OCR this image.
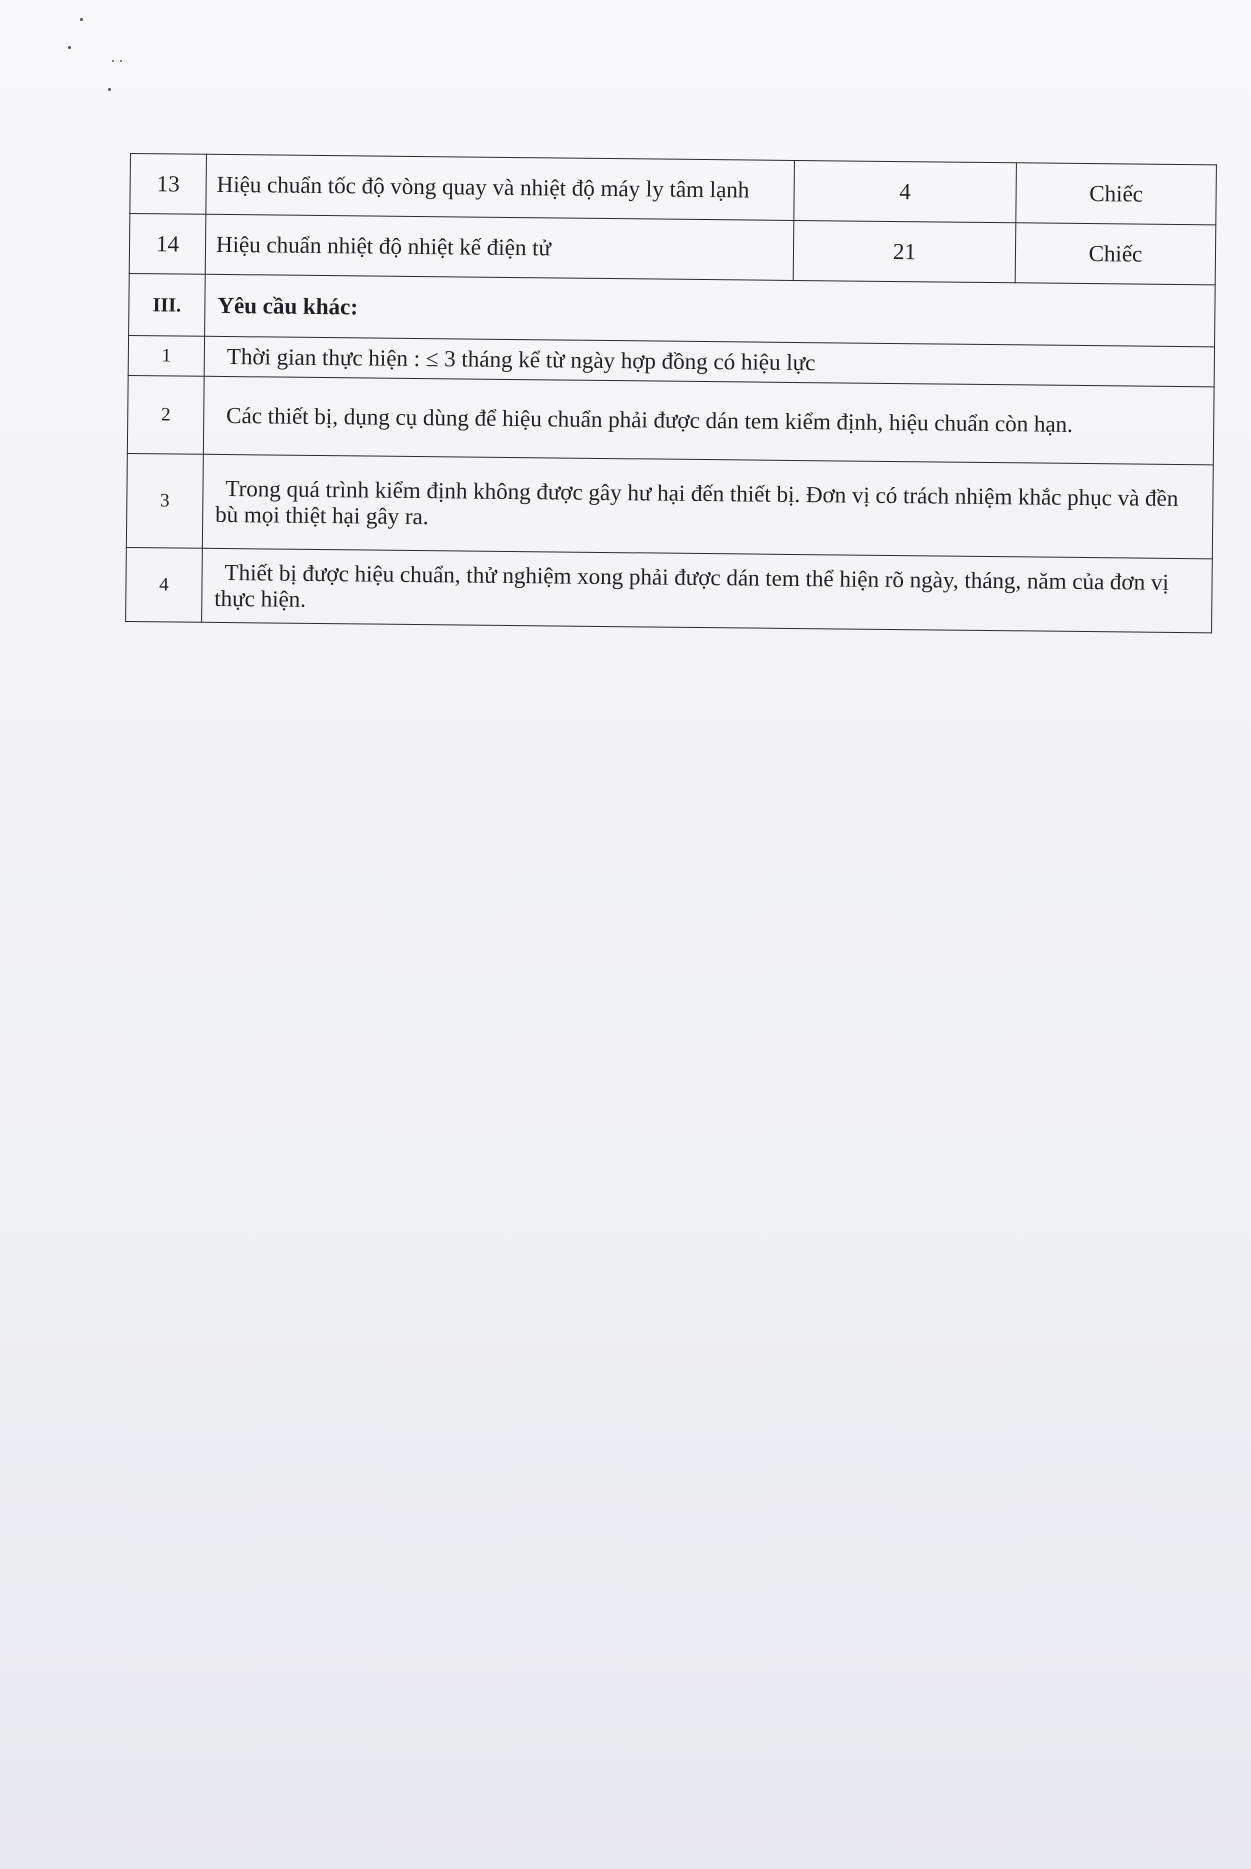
13	Hiệu chuẩn tốc độ vòng quay và nhiệt độ máy ly tâm lạnh	4	Chiếc
14	Hiệu chuẩn nhiệt độ nhiệt kế điện tử	21	Chiếc
III.	Yêu cầu khác:		
1	Thời gian thực hiện : ≤ 3 tháng kể từ ngày hợp đồng có hiệu lực		
2	Các thiết bị, dụng cụ dùng để hiệu chuẩn phải được dán tem kiểm định, hiệu chuẩn còn hạn.		
3	Trong quá trình kiểm định không được gây hư hại đến thiết bị. Đơn vị có trách nhiệm khắc phục và đền bù mọi thiệt hại gây ra.		
4	Thiết bị được hiệu chuẩn, thử nghiệm xong phải được dán tem thể hiện rõ ngày, tháng, năm của đơn vị thực hiện.		
